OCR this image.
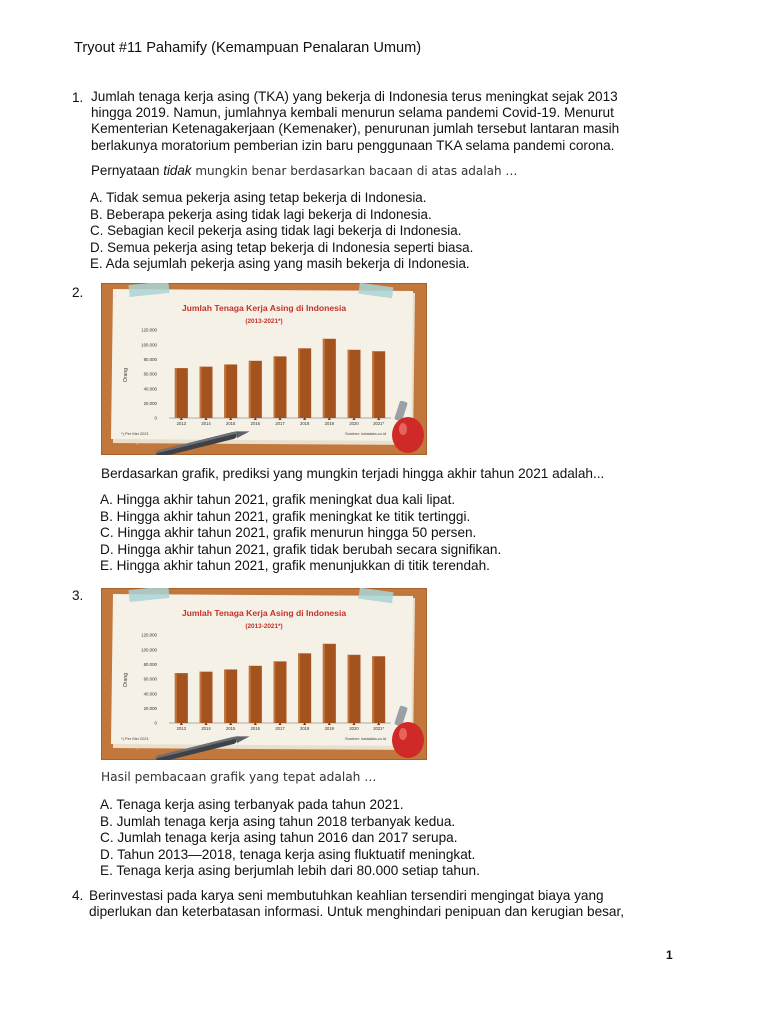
Tryout #11 Pahamify (Kemampuan Penalaran Umum)
1. Jumlah tenaga kerja asing (TKA) yang bekerja di Indonesia terus meningkat sejak 2013
hingga 2019. Namun, jumlahnya kembali menurun selama pandemi Covid-19. Menurut
Kementerian Ketenagakerjaan (Kemenaker), penurunan jumlah tersebut lantaran masih
berlakunya moratorium pemberian izin baru penggunaan TKA selama pandemi corona.
Pernyataan tidak mungkin benar berdasarkan bacaan di atas adalah …
A. Tidak semua pekerja asing tetap bekerja di Indonesia.
B. Beberapa pekerja asing tidak lagi bekerja di Indonesia.
C. Sebagian kecil pekerja asing tidak lagi bekerja di Indonesia.
D. Semua pekerja asing tetap bekerja di Indonesia seperti biasa.
E. Ada sejumlah pekerja asing yang masih bekerja di Indonesia.
2.
Jumlah Tenaga Kerja Asing di Indonesia
(2013-2021*)
Orang
0
20.000
40.000
60.000
80.000
100.000
120.000
2013	2014	2015	2016	2017	2018	2019	2020	2021*
*) Per Mei 2021	Sumber: katadata.co.id
Pahamify
Berdasarkan grafik, prediksi yang mungkin terjadi hingga akhir tahun 2021 adalah...
A. Hingga akhir tahun 2021, grafik meningkat dua kali lipat.
B. Hingga akhir tahun 2021, grafik meningkat ke titik tertinggi.
C. Hingga akhir tahun 2021, grafik menurun hingga 50 persen.
D. Hingga akhir tahun 2021, grafik tidak berubah secara signifikan.
E. Hingga akhir tahun 2021, grafik menunjukkan di titik terendah.
3.
Jumlah Tenaga Kerja Asing di Indonesia
(2013-2021*)
Orang
0
20.000
40.000
60.000
80.000
100.000
120.000
2013	2014	2015	2016	2017	2018	2019	2020	2021*
*) Per Mei 2021	Sumber: katadata.co.id
Pahamify
Hasil pembacaan grafik yang tepat adalah …
A. Tenaga kerja asing terbanyak pada tahun 2021.
B. Jumlah tenaga kerja asing tahun 2018 terbanyak kedua.
C. Jumlah tenaga kerja asing tahun 2016 dan 2017 serupa.
D. Tahun 2013—2018, tenaga kerja asing fluktuatif meningkat.
E. Tenaga kerja asing berjumlah lebih dari 80.000 setiap tahun.
4. Berinvestasi pada karya seni membutuhkan keahlian tersendiri mengingat biaya yang
diperlukan dan keterbatasan informasi. Untuk menghindari penipuan dan kerugian besar,
1
